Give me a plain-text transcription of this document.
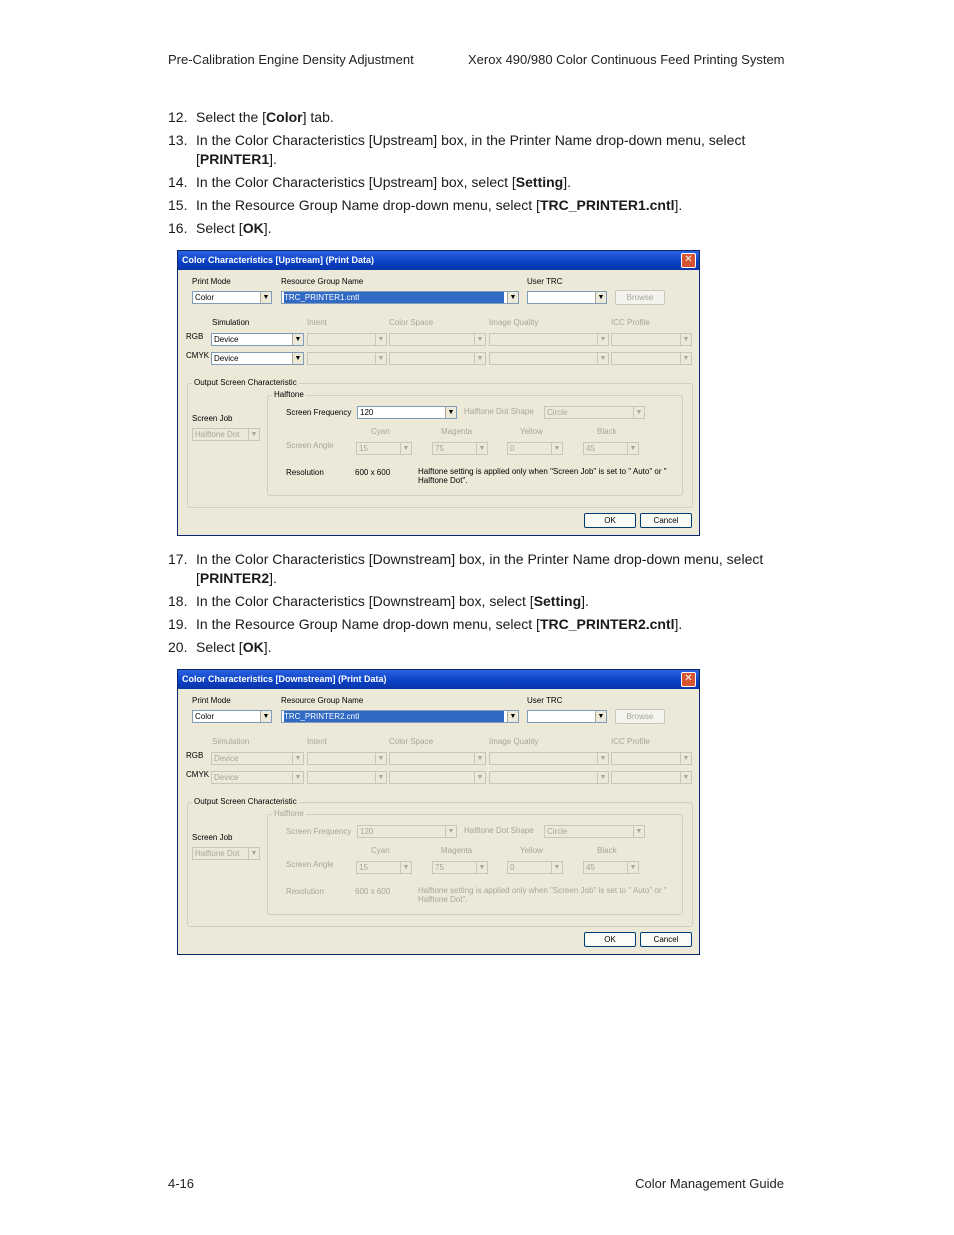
Pre-Calibration Engine Density Adjustment	Xerox 490/980 Color Continuous Feed Printing System
12. Select the [Color] tab.
13. In the Color Characteristics [Upstream] box, in the Printer Name drop-down menu, select [PRINTER1].
14. In the Color Characteristics [Upstream] box, select [Setting].
15. In the Resource Group Name drop-down menu, select [TRC_PRINTER1.cntl].
16. Select [OK].
Color Characteristics [Upstream] (Print Data)	✕
Print Mode
Color	▼
Resource Group Name
TRC_PRINTER1.cntl	▼
User TRC
▼	Browse
Simulation	Intent	Color Space	Image Quality	ICC Profile
RGB	Device	▼	▼	▼	▼	▼
CMYK Device	▼	▼	▼	▼	▼
Output Screen Characteristic
Screen Job
Halftone Dot	▼
Halftone
Screen Frequency	120	▼ Halftone Dot Shape	Circle	▼
Cyan	Magenta	Yellow	Black
Screen Angle	15	▼	75	▼	0	▼	45	▼
Resolution	600 x 600	Halftone setting is applied only when "Screen Job" is set to " Auto" or " Halftone Dot".
OK	Cancel
17. In the Color Characteristics [Downstream] box, in the Printer Name drop-down menu, select [PRINTER2].
18. In the Color Characteristics [Downstream] box, select [Setting].
19. In the Resource Group Name drop-down menu, select [TRC_PRINTER2.cntl].
20. Select [OK].
Color Characteristics [Downstream] (Print Data)	✕
Print Mode
Color	▼
Resource Group Name
TRC_PRINTER2.cntl	▼
User TRC
▼	Browse
Simulation	Intent	Color Space	Image Quality	ICC Profile
RGB	Device	▼	▼	▼	▼	▼
CMYK Device	▼	▼	▼	▼	▼
Output Screen Characteristic
Screen Job
Halftone Dot	▼
Halftone
Screen Frequency	120	▼ Halftone Dot Shape	Circle	▼
Cyan	Magenta	Yellow	Black
Screen Angle	15	▼	75	▼	0	▼	45	▼
Resolution	600 x 600	Halftone setting is applied only when "Screen Job" is set to " Auto" or " Halftone Dot".
OK	Cancel
4-16	Color Management Guide
